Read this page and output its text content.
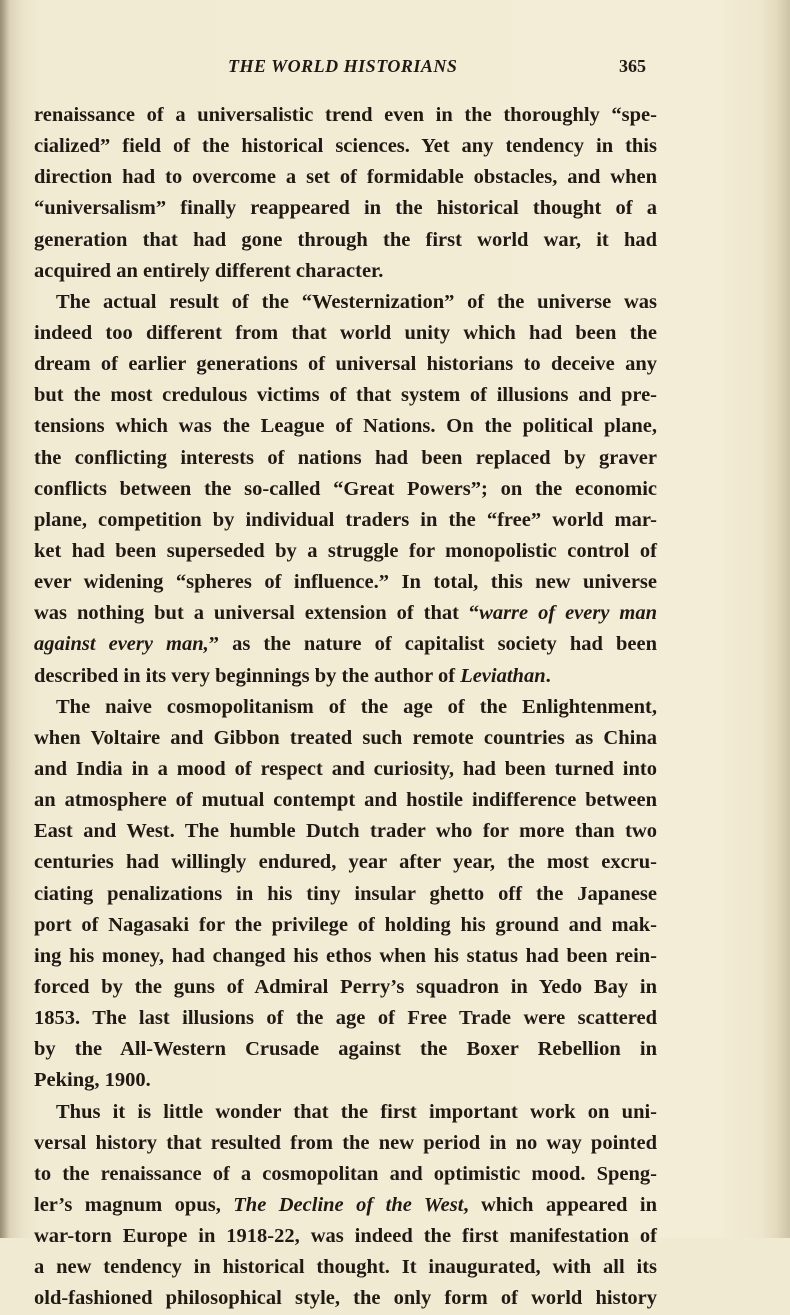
THE WORLD HISTORIANS	365
renaissance of a universalistic trend even in the thoroughly “spe-
cialized” field of the historical sciences. Yet any tendency in this
direction had to overcome a set of formidable obstacles, and when
“universalism” finally reappeared in the historical thought of a
generation that had gone through the first world war, it had
acquired an entirely different character.
The actual result of the “Westernization” of the universe was
indeed too different from that world unity which had been the
dream of earlier generations of universal historians to deceive any
but the most credulous victims of that system of illusions and pre-
tensions which was the League of Nations. On the political plane,
the conflicting interests of nations had been replaced by graver
conflicts between the so-called “Great Powers”; on the economic
plane, competition by individual traders in the “free” world mar-
ket had been superseded by a struggle for monopolistic control of
ever widening “spheres of influence.” In total, this new universe
was nothing but a universal extension of that “warre of every man
against every man,” as the nature of capitalist society had been
described in its very beginnings by the author of Leviathan.
The naive cosmopolitanism of the age of the Enlightenment,
when Voltaire and Gibbon treated such remote countries as China
and India in a mood of respect and curiosity, had been turned into
an atmosphere of mutual contempt and hostile indifference between
East and West. The humble Dutch trader who for more than two
centuries had willingly endured, year after year, the most excru-
ciating penalizations in his tiny insular ghetto off the Japanese
port of Nagasaki for the privilege of holding his ground and mak-
ing his money, had changed his ethos when his status had been rein-
forced by the guns of Admiral Perry’s squadron in Yedo Bay in
1853. The last illusions of the age of Free Trade were scattered
by the All-Western Crusade against the Boxer Rebellion in
Peking, 1900.
Thus it is little wonder that the first important work on uni-
versal history that resulted from the new period in no way pointed
to the renaissance of a cosmopolitan and optimistic mood. Speng-
ler’s magnum opus, The Decline of the West, which appeared in
war-torn Europe in 1918-22, was indeed the first manifestation of
a new tendency in historical thought. It inaugurated, with all its
old-fashioned philosophical style, the only form of world history
